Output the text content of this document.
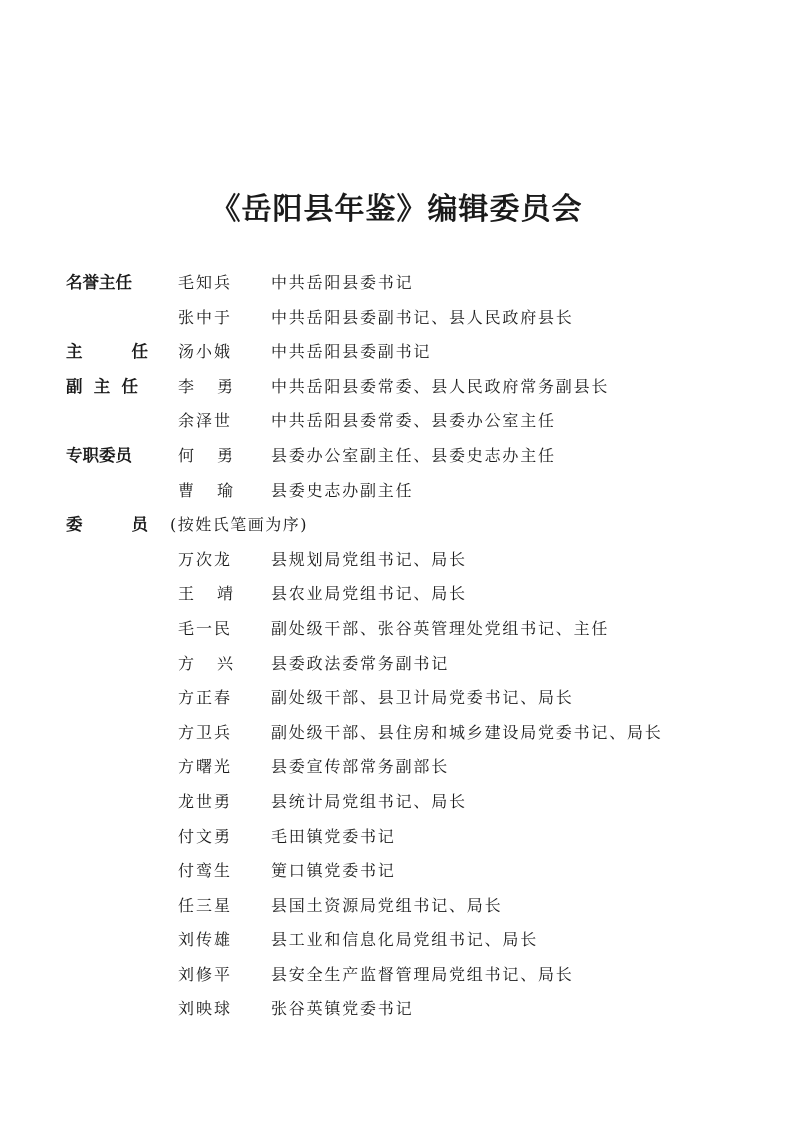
《岳阳县年鉴》编辑委员会
名誉主任	毛知兵 中共岳阳县委书记
张中于 中共岳阳县委副书记、县人民政府县长
主	任 汤小娥 中共岳阳县委副书记
副 主 任	李 勇 中共岳阳县委常委、县人民政府常务副县长
余泽世 中共岳阳县委常委、县委办公室主任
专职委员	何 勇 县委办公室副主任、县委史志办主任
曹 瑜 县委史志办副主任
委	员 (按姓氏笔画为序)
万次龙 县规划局党组书记、局长
王 靖 县农业局党组书记、局长
毛一民 副处级干部、张谷英管理处党组书记、主任
方 兴 县委政法委常务副书记
方正春 副处级干部、县卫计局党委书记、局长
方卫兵 副处级干部、县住房和城乡建设局党委书记、局长
方曙光 县委宣传部常务副部长
龙世勇 县统计局党组书记、局长
付文勇 毛田镇党委书记
付鸾生 筻口镇党委书记
任三星 县国土资源局党组书记、局长
刘传雄 县工业和信息化局党组书记、局长
刘修平 县安全生产监督管理局党组书记、局长
刘映球 张谷英镇党委书记
